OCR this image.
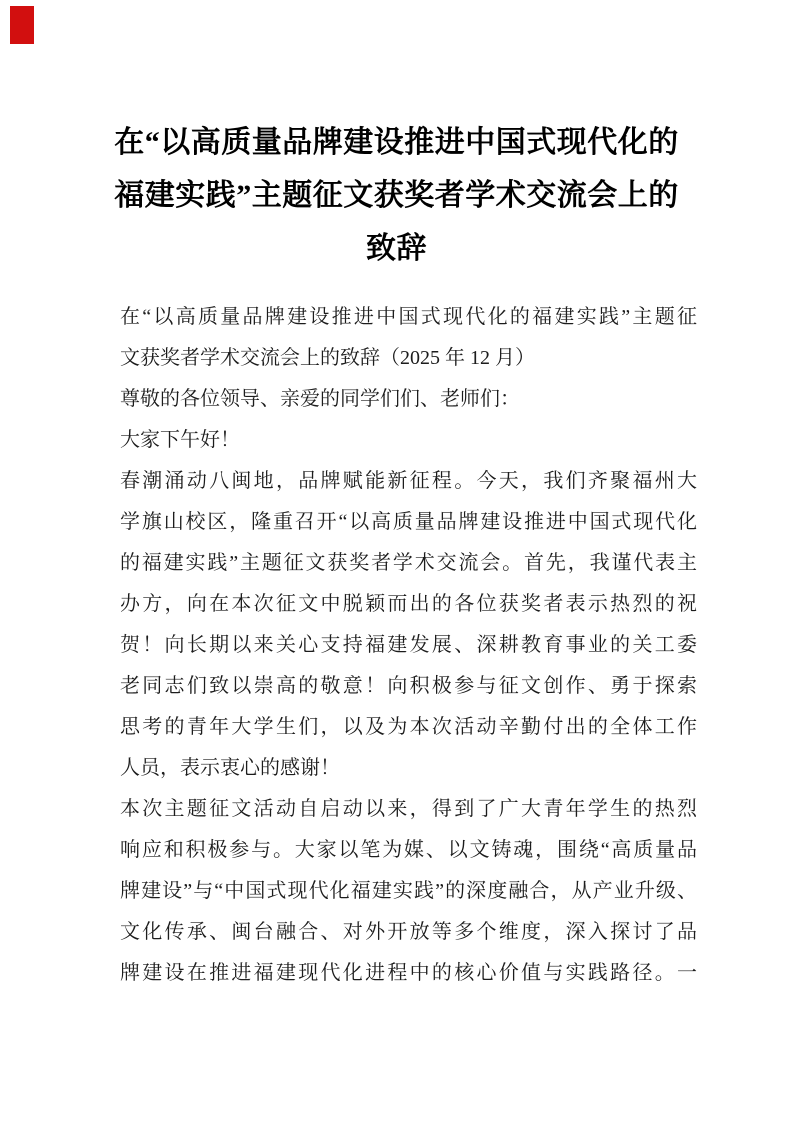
在“以高质量品牌建设推进中国式现代化的
福建实践”主题征文获奖者学术交流会上的
致辞
在“以高质量品牌建设推进中国式现代化的福建实践”主题征
文获奖者学术交流会上的致辞（2025 年 12 月）
尊敬的各位领导、亲爱的同学们们、老师们：
大家下午好！
春潮涌动八闽地，品牌赋能新征程。今天，我们齐聚福州大
学旗山校区，隆重召开“以高质量品牌建设推进中国式现代化
的福建实践”主题征文获奖者学术交流会。首先，我谨代表主
办方，向在本次征文中脱颖而出的各位获奖者表示热烈的祝
贺！向长期以来关心支持福建发展、深耕教育事业的关工委
老同志们致以崇高的敬意！向积极参与征文创作、勇于探索
思考的青年大学生们，以及为本次活动辛勤付出的全体工作
人员，表示衷心的感谢！
本次主题征文活动自启动以来，得到了广大青年学生的热烈
响应和积极参与。大家以笔为媒、以文铸魂，围绕“高质量品
牌建设”与“中国式现代化福建实践”的深度融合，从产业升级、
文化传承、闽台融合、对外开放等多个维度，深入探讨了品
牌建设在推进福建现代化进程中的核心价值与实践路径。一
